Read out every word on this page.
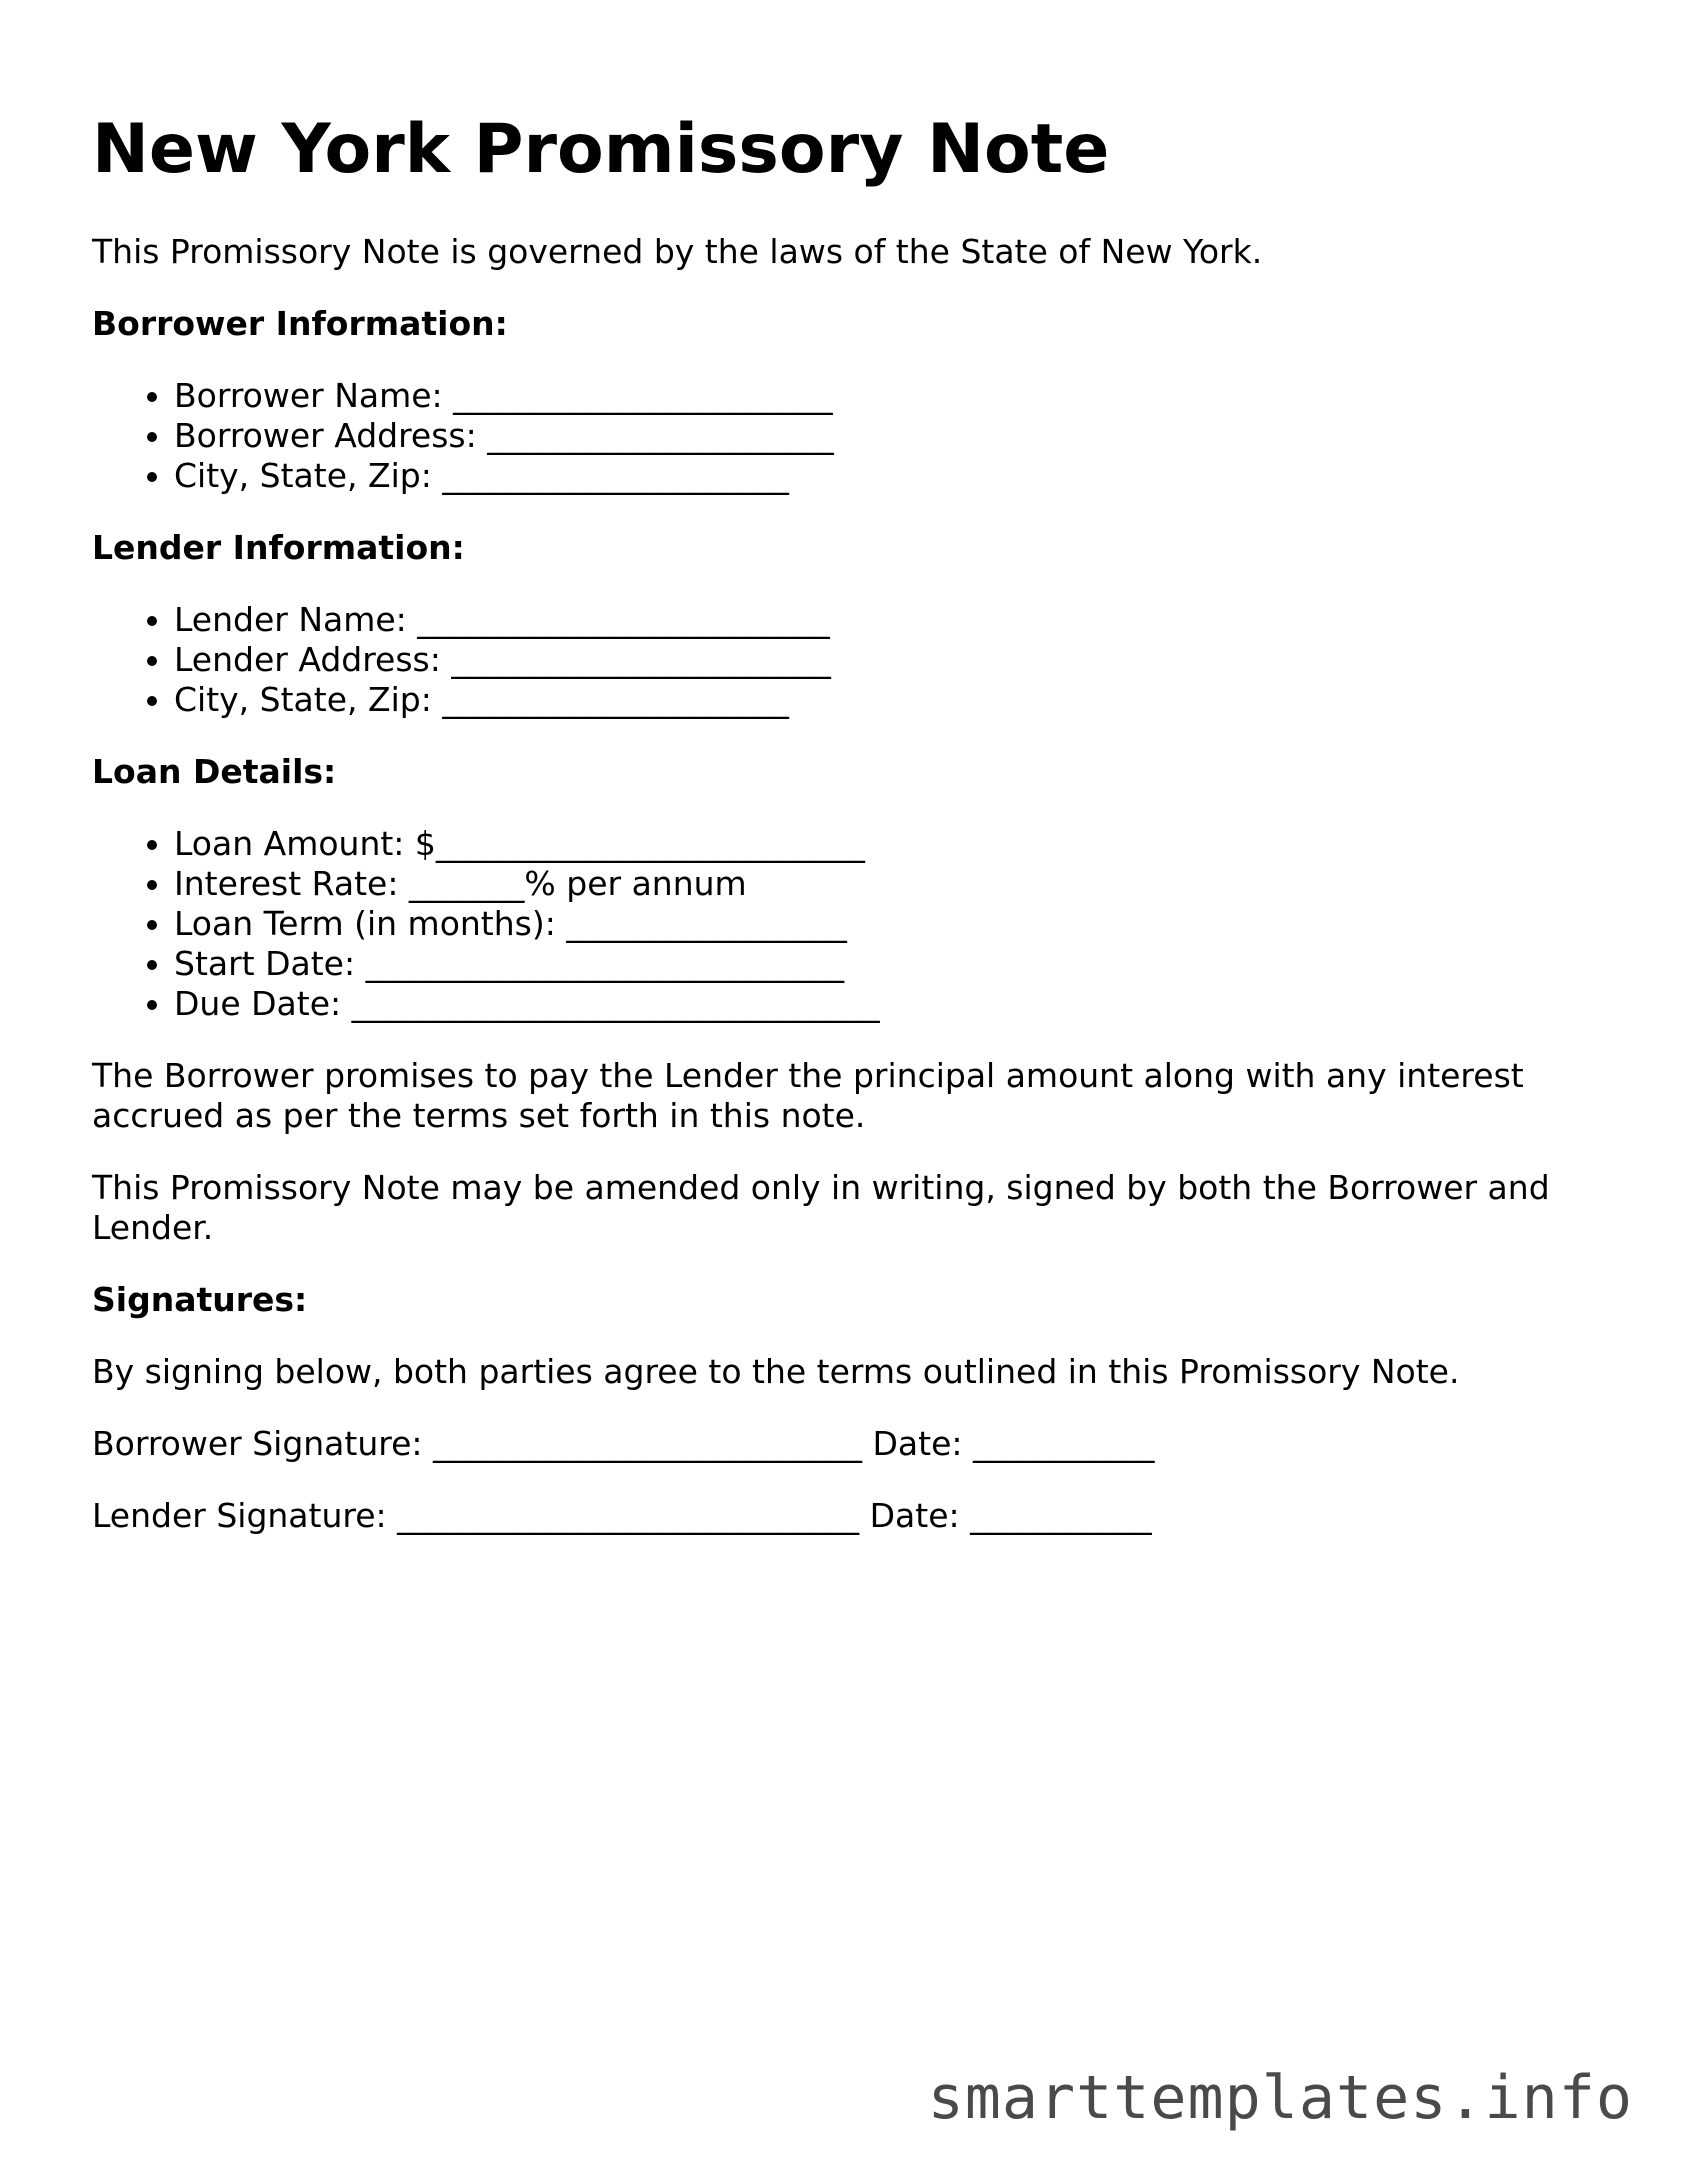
New York Promissory Note

This Promissory Note is governed by the laws of the State of New York.

Borrower Information:
• Borrower Name: _______________________
• Borrower Address: _____________________
• City, State, Zip: _____________________
Lender Information:
• Lender Name: _________________________
• Lender Address: _______________________
• City, State, Zip: _____________________
Loan Details:
• Loan Amount: $__________________________
• Interest Rate: _______% per annum
• Loan Term (in months): _________________
• Start Date: _____________________________
• Due Date: ________________________________

The Borrower promises to pay the Lender the principal amount along with any interest accrued as per the terms set forth in this note.

This Promissory Note may be amended only in writing, signed by both the Borrower and Lender.

Signatures:

By signing below, both parties agree to the terms outlined in this Promissory Note.

Borrower Signature: __________________________ Date: ___________

Lender Signature: ____________________________ Date: ___________

smarttemplates.info
